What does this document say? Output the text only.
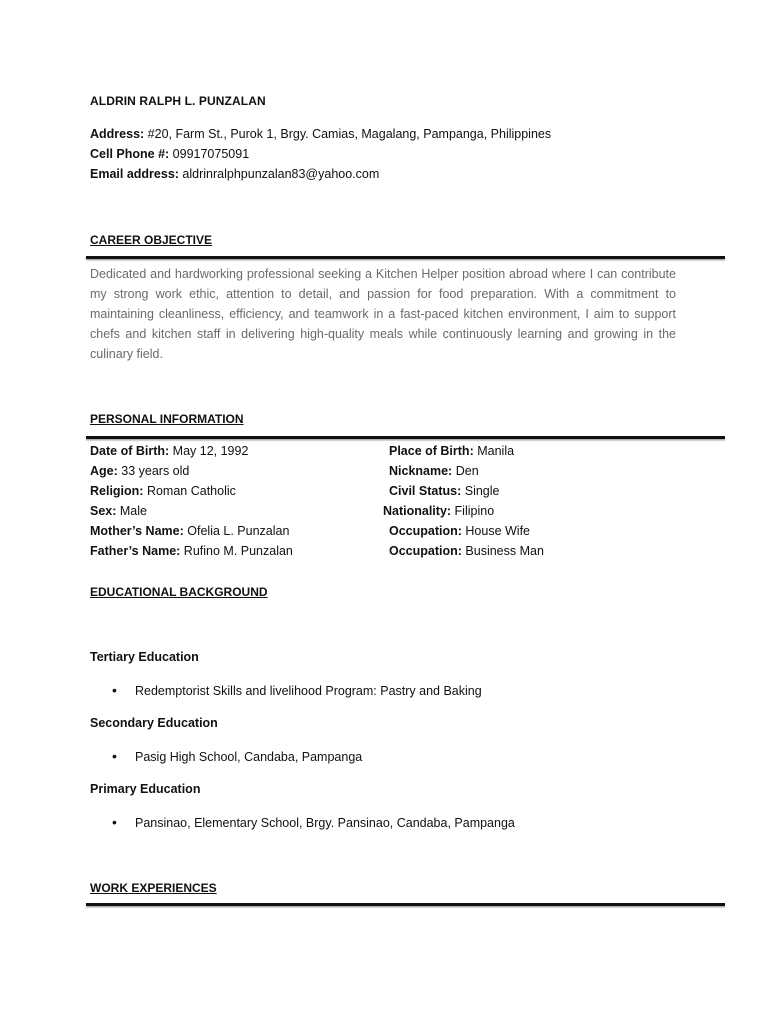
ALDRIN RALPH L. PUNZALAN
Address: #20, Farm St., Purok 1, Brgy. Camias, Magalang, Pampanga, Philippines
Cell Phone #: 09917075091
Email address: aldrinralphpunzalan83@yahoo.com
CAREER OBJECTIVE
Dedicated and hardworking professional seeking a Kitchen Helper position abroad where I can contribute my strong work ethic, attention to detail, and passion for food preparation. With a commitment to maintaining cleanliness, efficiency, and teamwork in a fast-paced kitchen environment, I aim to support chefs and kitchen staff in delivering high-quality meals while continuously learning and growing in the culinary field.
PERSONAL INFORMATION
Date of Birth: May 12, 1992
Age: 33 years old
Religion: Roman Catholic
Sex: Male
Mother’s Name: Ofelia L. Punzalan
Father’s Name: Rufino M. Punzalan
Place of Birth: Manila
Nickname: Den
Civil Status: Single
Nationality: Filipino
Occupation: House Wife
Occupation: Business Man
EDUCATIONAL BACKGROUND
Tertiary Education
• Redemptorist Skills and livelihood Program: Pastry and Baking
Secondary Education
• Pasig High School, Candaba, Pampanga
Primary Education
• Pansinao, Elementary School, Brgy. Pansinao, Candaba, Pampanga
WORK EXPERIENCES
